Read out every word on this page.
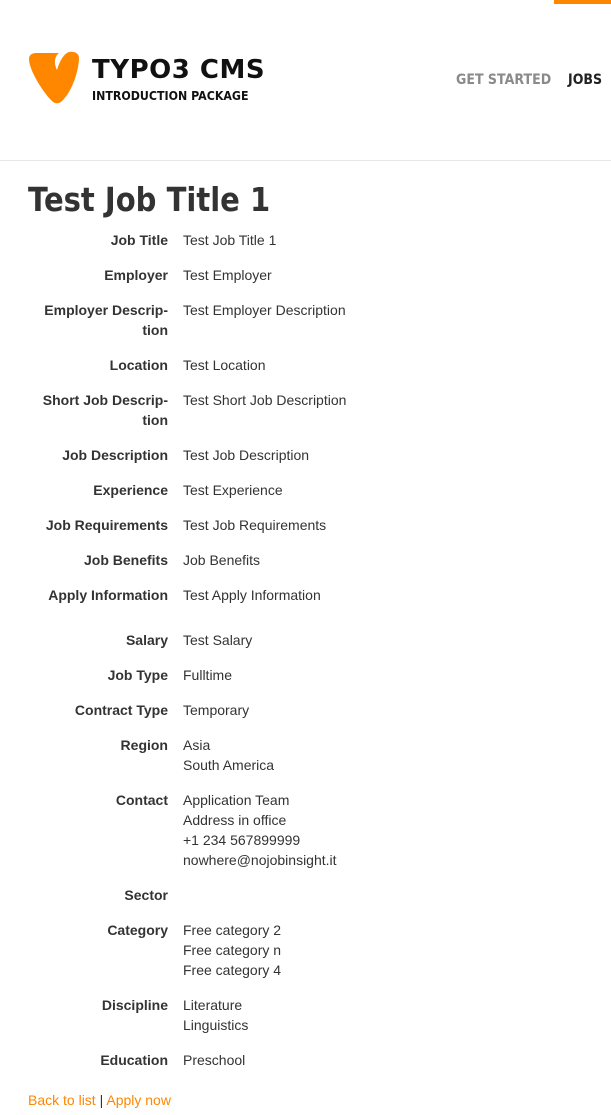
TYPO3 CMS
INTRODUCTION PACKAGE
GET STARTED JOBS
Test Job Title 1
Job Title Test Job Title 1
Employer Test Employer
Employer Descrip-
tion
Test Employer Description
Location Test Location
Short Job Descrip-
tion
Test Short Job Description
Job Description Test Job Description
Experience Test Experience
Job Requirements Test Job Requirements
Job Benefits Job Benefits
Apply Information Test Apply Information
Salary Test Salary
Job Type Fulltime
Contract Type Temporary
Region Asia
South America
Contact Application Team
Address in office
+1 234 567899999
nowhere@nojobinsight.it
Sector
Category Free category 2
Free category n
Free category 4
Discipline Literature
Linguistics
Education Preschool
Back to list | Apply now
